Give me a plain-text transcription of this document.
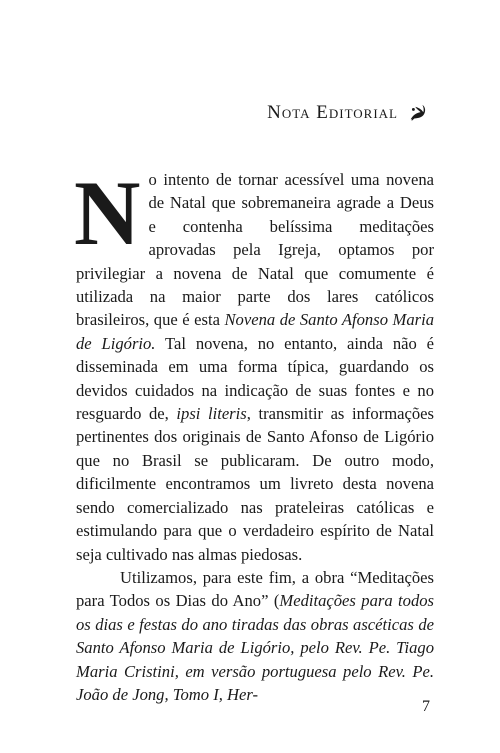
Nota Editorial

No intento de tornar acessível uma novena de Natal que sobremaneira agrade a Deus e contenha belíssima meditações aprovadas pela Igreja, optamos por privilegiar a novena de Natal que comumente é utilizada na maior parte dos lares católicos brasileiros, que é esta Novena de Santo Afonso Maria de Ligório. Tal novena, no entanto, ainda não é disseminada em uma forma típica, guardando os devidos cuidados na indicação de suas fontes e no resguardo de, ipsi literis, transmitir as informações pertinentes dos originais de Santo Afonso de Ligório que no Brasil se publicaram. De outro modo, dificilmente encontramos um livreto desta novena sendo comercializado nas prateleiras católicas e estimulando para que o verdadeiro espírito de Natal seja cultivado nas almas piedosas.

Utilizamos, para este fim, a obra “Meditações para Todos os Dias do Ano” (Meditações para todos os dias e festas do ano tiradas das obras ascéticas de Santo Afonso Maria de Ligório, pelo Rev. Pe. Tiago Maria Cristini, em versão portuguesa pelo Rev. Pe. João de Jong, Tomo I, Her-

7
